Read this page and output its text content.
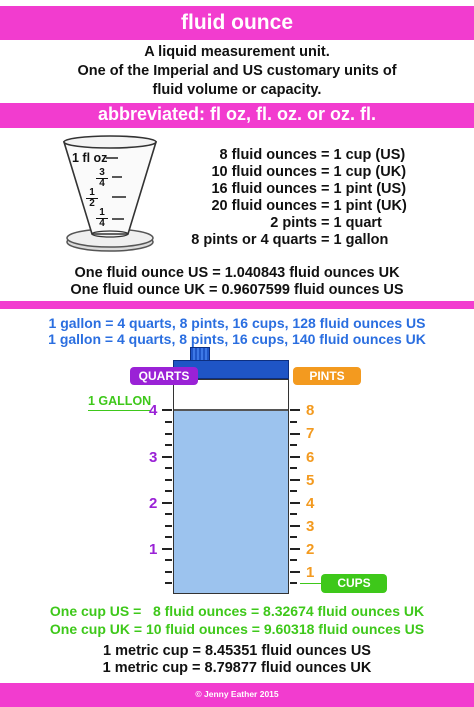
fluid ounce
A liquid measurement unit.
One of the Imperial and US customary units of
fluid volume or capacity.
abbreviated: fl oz, fl. oz. or oz. fl.
1 fl oz
$\frac{3}{4}$
$\frac{1}{2}$
$\frac{1}{4}$
8 fluid ounces = 1 cup (US)
10 fluid ounces = 1 cup (UK)
16 fluid ounces = 1 pint (US)
20 fluid ounces = 1 pint (UK)
2 pints = 1 quart
8 pints or 4 quarts = 1 gallon
One fluid ounce US = 1.040843 fluid ounces UK
One fluid ounce UK = 0.9607599 fluid ounces US
1 gallon = 4 quarts, 8 pints, 16 cups, 128 fluid ounces US
1 gallon = 4 quarts, 8 pints, 16 cups, 140 fluid ounces UK
QUARTS	PINTS
1 GALLON
4
3
2
1
8
7
6
5
4
3
2
1
CUPS
One cup US =   8 fluid ounces = 8.32674 fluid ounces UK
One cup UK = 10 fluid ounces = 9.60318 fluid ounces US
1 metric cup = 8.45351 fluid ounces US
1 metric cup = 8.79877 fluid ounces UK
© Jenny Eather 2015
